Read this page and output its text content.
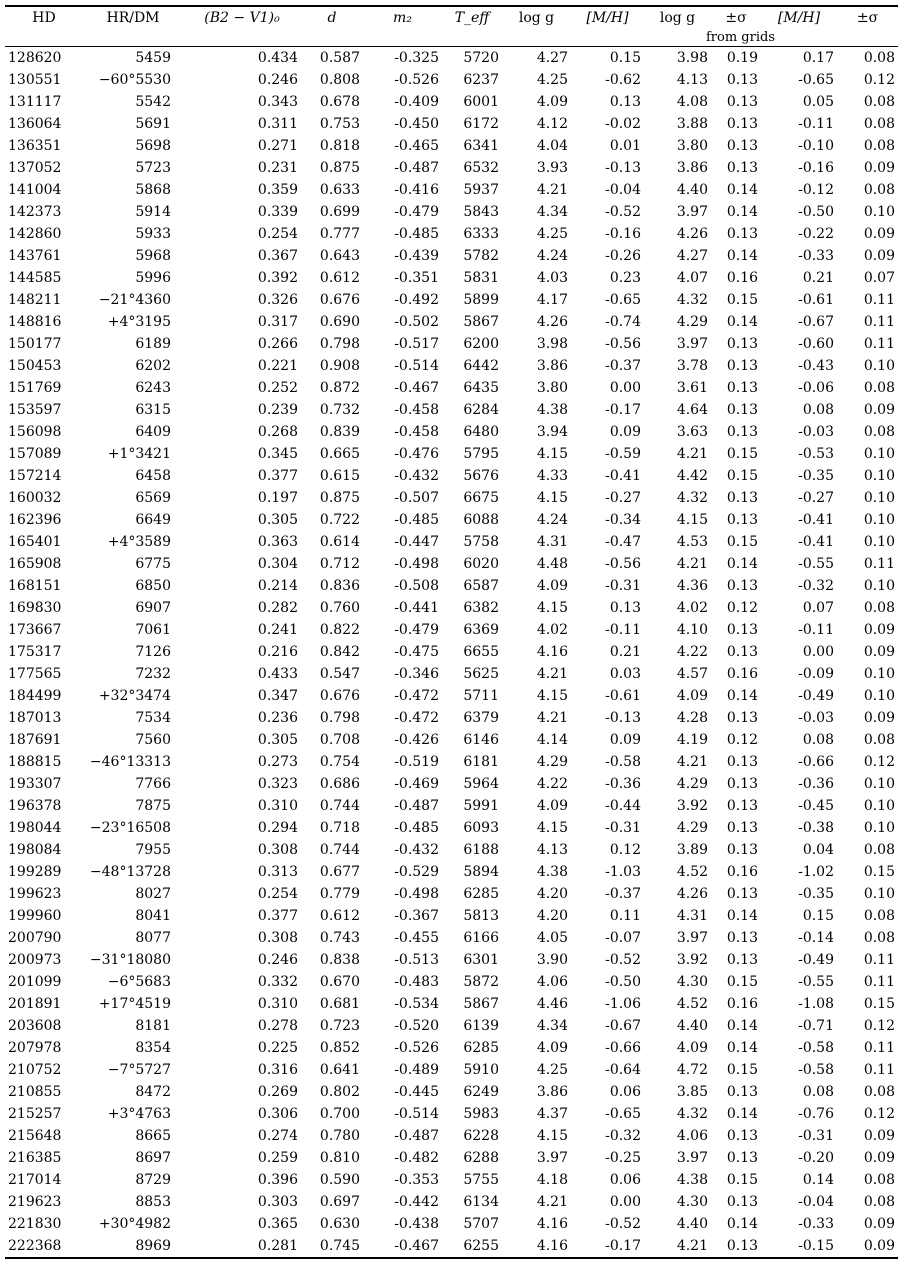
HD	HR/DM	(B2 − V1)₀	d	m₂	T_eff	log g	[M/H]	log g	±σ	[M/H]	±σ
								from grids			
128620	5459	0.434	0.587	-0.325	5720	4.27	0.15	3.98	0.19	0.17	0.08
130551	−60°5530	0.246	0.808	-0.526	6237	4.25	-0.62	4.13	0.13	-0.65	0.12
131117	5542	0.343	0.678	-0.409	6001	4.09	0.13	4.08	0.13	0.05	0.08
136064	5691	0.311	0.753	-0.450	6172	4.12	-0.02	3.88	0.13	-0.11	0.08
136351	5698	0.271	0.818	-0.465	6341	4.04	0.01	3.80	0.13	-0.10	0.08
137052	5723	0.231	0.875	-0.487	6532	3.93	-0.13	3.86	0.13	-0.16	0.09
141004	5868	0.359	0.633	-0.416	5937	4.21	-0.04	4.40	0.14	-0.12	0.08
142373	5914	0.339	0.699	-0.479	5843	4.34	-0.52	3.97	0.14	-0.50	0.10
142860	5933	0.254	0.777	-0.485	6333	4.25	-0.16	4.26	0.13	-0.22	0.09
143761	5968	0.367	0.643	-0.439	5782	4.24	-0.26	4.27	0.14	-0.33	0.09
144585	5996	0.392	0.612	-0.351	5831	4.03	0.23	4.07	0.16	0.21	0.07
148211	−21°4360	0.326	0.676	-0.492	5899	4.17	-0.65	4.32	0.15	-0.61	0.11
148816	+4°3195	0.317	0.690	-0.502	5867	4.26	-0.74	4.29	0.14	-0.67	0.11
150177	6189	0.266	0.798	-0.517	6200	3.98	-0.56	3.97	0.13	-0.60	0.11
150453	6202	0.221	0.908	-0.514	6442	3.86	-0.37	3.78	0.13	-0.43	0.10
151769	6243	0.252	0.872	-0.467	6435	3.80	0.00	3.61	0.13	-0.06	0.08
153597	6315	0.239	0.732	-0.458	6284	4.38	-0.17	4.64	0.13	0.08	0.09
156098	6409	0.268	0.839	-0.458	6480	3.94	0.09	3.63	0.13	-0.03	0.08
157089	+1°3421	0.345	0.665	-0.476	5795	4.15	-0.59	4.21	0.15	-0.53	0.10
157214	6458	0.377	0.615	-0.432	5676	4.33	-0.41	4.42	0.15	-0.35	0.10
160032	6569	0.197	0.875	-0.507	6675	4.15	-0.27	4.32	0.13	-0.27	0.10
162396	6649	0.305	0.722	-0.485	6088	4.24	-0.34	4.15	0.13	-0.41	0.10
165401	+4°3589	0.363	0.614	-0.447	5758	4.31	-0.47	4.53	0.15	-0.41	0.10
165908	6775	0.304	0.712	-0.498	6020	4.48	-0.56	4.21	0.14	-0.55	0.11
168151	6850	0.214	0.836	-0.508	6587	4.09	-0.31	4.36	0.13	-0.32	0.10
169830	6907	0.282	0.760	-0.441	6382	4.15	0.13	4.02	0.12	0.07	0.08
173667	7061	0.241	0.822	-0.479	6369	4.02	-0.11	4.10	0.13	-0.11	0.09
175317	7126	0.216	0.842	-0.475	6655	4.16	0.21	4.22	0.13	0.00	0.09
177565	7232	0.433	0.547	-0.346	5625	4.21	0.03	4.57	0.16	-0.09	0.10
184499	+32°3474	0.347	0.676	-0.472	5711	4.15	-0.61	4.09	0.14	-0.49	0.10
187013	7534	0.236	0.798	-0.472	6379	4.21	-0.13	4.28	0.13	-0.03	0.09
187691	7560	0.305	0.708	-0.426	6146	4.14	0.09	4.19	0.12	0.08	0.08
188815	−46°13313	0.273	0.754	-0.519	6181	4.29	-0.58	4.21	0.13	-0.66	0.12
193307	7766	0.323	0.686	-0.469	5964	4.22	-0.36	4.29	0.13	-0.36	0.10
196378	7875	0.310	0.744	-0.487	5991	4.09	-0.44	3.92	0.13	-0.45	0.10
198044	−23°16508	0.294	0.718	-0.485	6093	4.15	-0.31	4.29	0.13	-0.38	0.10
198084	7955	0.308	0.744	-0.432	6188	4.13	0.12	3.89	0.13	0.04	0.08
199289	−48°13728	0.313	0.677	-0.529	5894	4.38	-1.03	4.52	0.16	-1.02	0.15
199623	8027	0.254	0.779	-0.498	6285	4.20	-0.37	4.26	0.13	-0.35	0.10
199960	8041	0.377	0.612	-0.367	5813	4.20	0.11	4.31	0.14	0.15	0.08
200790	8077	0.308	0.743	-0.455	6166	4.05	-0.07	3.97	0.13	-0.14	0.08
200973	−31°18080	0.246	0.838	-0.513	6301	3.90	-0.52	3.92	0.13	-0.49	0.11
201099	−6°5683	0.332	0.670	-0.483	5872	4.06	-0.50	4.30	0.15	-0.55	0.11
201891	+17°4519	0.310	0.681	-0.534	5867	4.46	-1.06	4.52	0.16	-1.08	0.15
203608	8181	0.278	0.723	-0.520	6139	4.34	-0.67	4.40	0.14	-0.71	0.12
207978	8354	0.225	0.852	-0.526	6285	4.09	-0.66	4.09	0.14	-0.58	0.11
210752	−7°5727	0.316	0.641	-0.489	5910	4.25	-0.64	4.72	0.15	-0.58	0.11
210855	8472	0.269	0.802	-0.445	6249	3.86	0.06	3.85	0.13	0.08	0.08
215257	+3°4763	0.306	0.700	-0.514	5983	4.37	-0.65	4.32	0.14	-0.76	0.12
215648	8665	0.274	0.780	-0.487	6228	4.15	-0.32	4.06	0.13	-0.31	0.09
216385	8697	0.259	0.810	-0.482	6288	3.97	-0.25	3.97	0.13	-0.20	0.09
217014	8729	0.396	0.590	-0.353	5755	4.18	0.06	4.38	0.15	0.14	0.08
219623	8853	0.303	0.697	-0.442	6134	4.21	0.00	4.30	0.13	-0.04	0.08
221830	+30°4982	0.365	0.630	-0.438	5707	4.16	-0.52	4.40	0.14	-0.33	0.09
222368	8969	0.281	0.745	-0.467	6255	4.16	-0.17	4.21	0.13	-0.15	0.09
